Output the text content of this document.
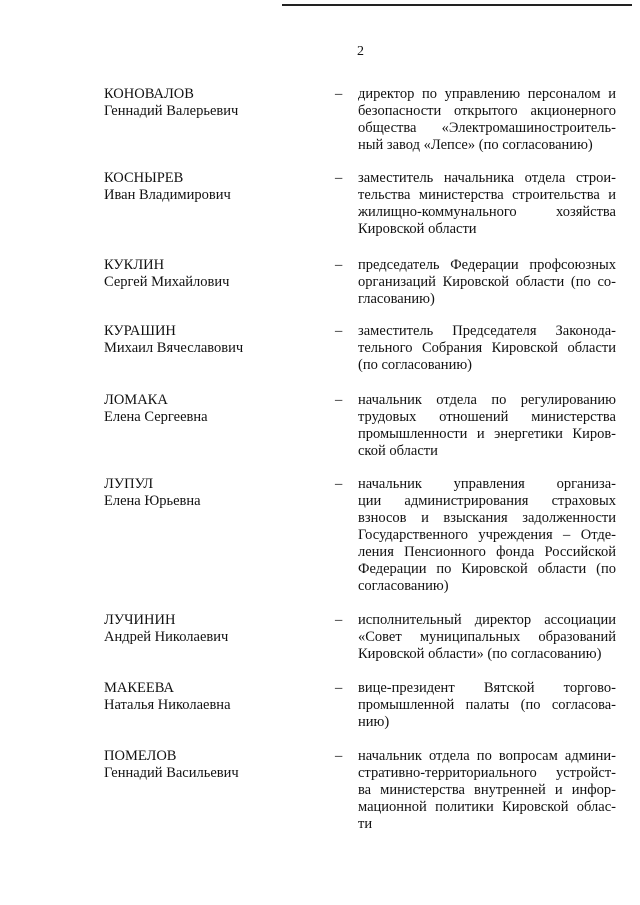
2
КОНОВАЛОВ
Геннадий Валерьевич
– директор по управлению персоналом и
безопасности открытого акционерного
общества «Электромашиностроитель-
ный завод «Лепсе» (по согласованию)
КОСНЫРЕВ
Иван Владимирович
– заместитель начальника отдела строи-
тельства министерства строительства и
жилищно-коммунального хозяйства
Кировской области
КУКЛИН
Сергей Михайлович
– председатель Федерации профсоюзных
организаций Кировской области (по со-
гласованию)
КУРАШИН
Михаил Вячеславович
– заместитель Председателя Законода-
тельного Собрания Кировской области
(по согласованию)
ЛОМАКА
Елена Сергеевна
– начальник отдела по регулированию
трудовых отношений министерства
промышленности и энергетики Киров-
ской области
ЛУПУЛ
Елена Юрьевна
– начальник управления организа-
ции администрирования страховых
взносов и взыскания задолженности
Государственного учреждения – Отде-
ления Пенсионного фонда Российской
Федерации по Кировской области (по
согласованию)
ЛУЧИНИН
Андрей Николаевич
– исполнительный директор ассоциации
«Совет муниципальных образований
Кировской области» (по согласованию)
МАКЕЕВА
Наталья Николаевна
– вице-президент Вятской торгово-
промышленной палаты (по согласова-
нию)
ПОМЕЛОВ
Геннадий Васильевич
– начальник отдела по вопросам админи-
стративно-территориального устройст-
ва министерства внутренней и инфор-
мационной политики Кировской облас-
ти
